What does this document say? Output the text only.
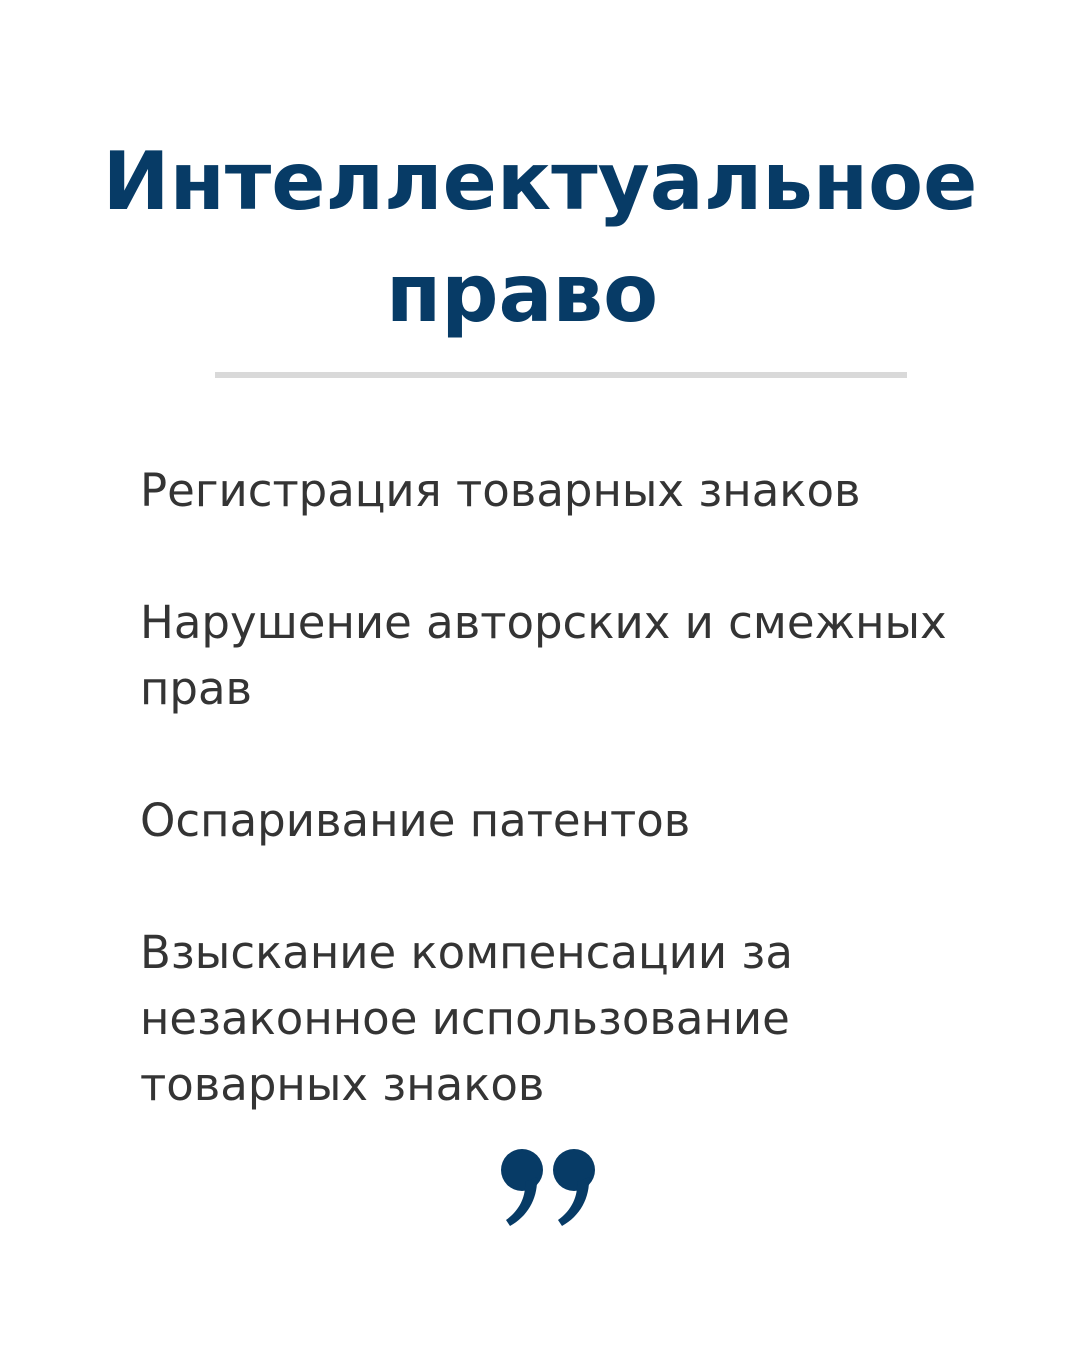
Интеллектуальное
право
Регистрация товарных знаков
Нарушение авторских и смежных
прав
Оспаривание патентов
Взыскание компенсации за
незаконное использование
товарных знаков
